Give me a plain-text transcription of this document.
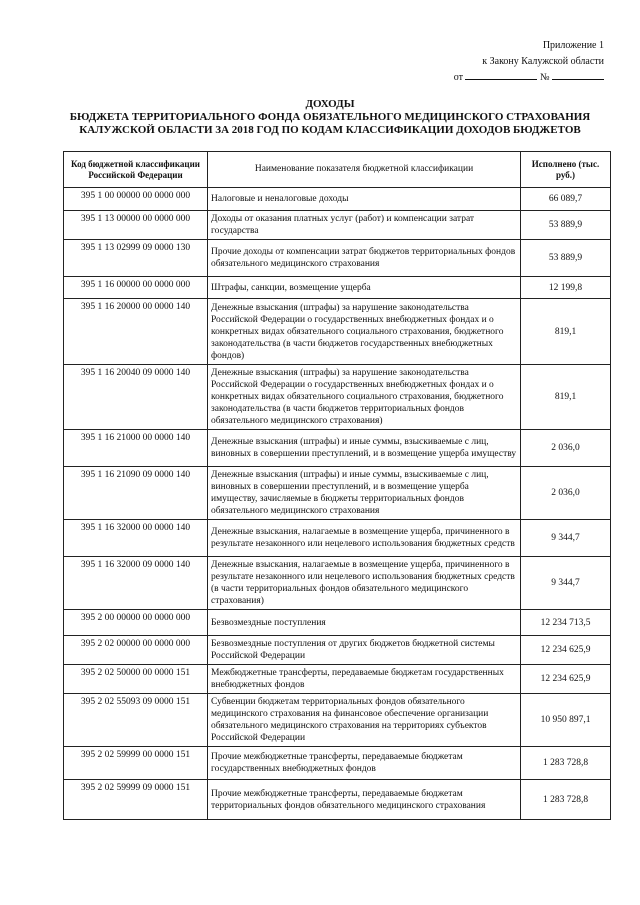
Приложение 1
к Закону Калужской области
от	№
ДОХОДЫ
БЮДЖЕТА ТЕРРИТОРИАЛЬНОГО ФОНДА ОБЯЗАТЕЛЬНОГО МЕДИЦИНСКОГО СТРАХОВАНИЯ
КАЛУЖСКОЙ ОБЛАСТИ ЗА 2018 ГОД ПО КОДАМ КЛАССИФИКАЦИИ ДОХОДОВ БЮДЖЕТОВ
Код бюджетной классификации Российской Федерации	Наименование показателя бюджетной классификации	Исполнено (тыс. руб.)
395 1 00 00000 00 0000 000	Налоговые и неналоговые доходы	66 089,7
395 1 13 00000 00 0000 000	Доходы от оказания платных услуг (работ) и компенсации затрат государства	53 889,9
395 1 13 02999 09 0000 130	Прочие доходы от компенсации затрат бюджетов территориальных фондов обязательного медицинского страхования	53 889,9
395 1 16 00000 00 0000 000	Штрафы, санкции, возмещение ущерба	12 199,8
395 1 16 20000 00 0000 140	Денежные взыскания (штрафы) за нарушение законодательства Российской Федерации о государственных внебюджетных фондах и о конкретных видах обязательного социального страхования, бюджетного законодательства (в части бюджетов государственных внебюджетных фондов)	819,1
395 1 16 20040 09 0000 140	Денежные взыскания (штрафы) за нарушение законодательства Российской Федерации о государственных внебюджетных фондах и о конкретных видах обязательного социального страхования, бюджетного законодательства (в части бюджетов территориальных фондов обязательного медицинского страхования)	819,1
395 1 16 21000 00 0000 140	Денежные взыскания (штрафы) и иные суммы, взыскиваемые с лиц, виновных в совершении преступлений, и в возмещение ущерба имуществу	2 036,0
395 1 16 21090 09 0000 140	Денежные взыскания (штрафы) и иные суммы, взыскиваемые с лиц, виновных в совершении преступлений, и в возмещение ущерба имуществу, зачисляемые в бюджеты территориальных фондов обязательного медицинского страхования	2 036,0
395 1 16 32000 00 0000 140	Денежные взыскания, налагаемые в возмещение ущерба, причиненного в результате незаконного или нецелевого использования бюджетных средств	9 344,7
395 1 16 32000 09 0000 140	Денежные взыскания, налагаемые в возмещение ущерба, причиненного в результате незаконного или нецелевого использования бюджетных средств (в части территориальных фондов обязательного медицинского страхования)	9 344,7
395 2 00 00000 00 0000 000	Безвозмездные поступления	12 234 713,5
395 2 02 00000 00 0000 000	Безвозмездные поступления от других бюджетов бюджетной системы Российской Федерации	12 234 625,9
395 2 02 50000 00 0000 151	Межбюджетные трансферты, передаваемые бюджетам государственных внебюджетных фондов	12 234 625,9
395 2 02 55093 09 0000 151	Субвенции бюджетам территориальных фондов обязательного медицинского страхования на финансовое обеспечение организации обязательного медицинского страхования на территориях субъектов Российской Федерации	10 950 897,1
395 2 02 59999 00 0000 151	Прочие межбюджетные трансферты, передаваемые бюджетам государственных внебюджетных фондов	1 283 728,8
395 2 02 59999 09 0000 151	Прочие межбюджетные трансферты, передаваемые бюджетам территориальных фондов обязательного медицинского страхования	1 283 728,8
